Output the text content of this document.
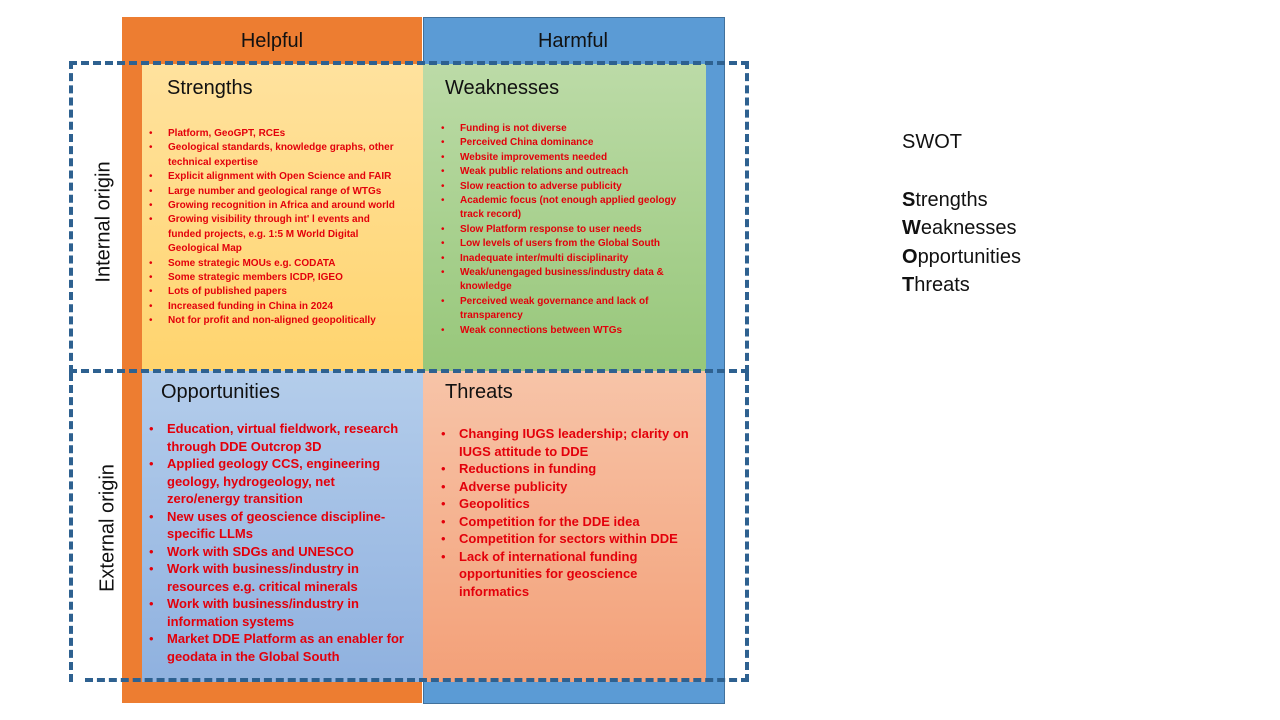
Helpful	Harmful
Strengths
• Platform, GeoGPT, RCEs
• Geological standards, knowledge graphs, other technical expertise
• Explicit alignment with Open Science and FAIR
• Large number and geological range of WTGs
• Growing recognition in Africa and around world
• Growing visibility through int' l events and funded projects, e.g. 1:5 M World Digital Geological Map
• Some strategic MOUs e.g. CODATA
• Some strategic members ICDP, IGEO
• Lots of published papers
• Increased funding in China in 2024
• Not for profit and non-aligned geopolitically
Weaknesses
• Funding is not diverse
• Perceived China dominance
• Website improvements needed
• Weak public relations and outreach
• Slow reaction to adverse publicity
• Academic focus (not enough applied geology track record)
• Slow Platform response to user needs
• Low levels of users from the Global South
• Inadequate inter/multi disciplinarity
• Weak/unengaged business/industry data & knowledge
• Perceived weak governance and lack of transparency
• Weak connections between WTGs
Opportunities
• Education, virtual fieldwork, research through DDE Outcrop 3D
• Applied geology CCS, engineering geology, hydrogeology, net zero/energy transition
• New uses of geoscience discipline-specific LLMs
• Work with SDGs and UNESCO
• Work with business/industry in resources e.g. critical minerals
• Work with business/industry in information systems
• Market DDE Platform as an enabler for geodata in the Global South
Threats
• Changing IUGS leadership; clarity on IUGS attitude to DDE
• Reductions in funding
• Adverse publicity
• Geopolitics
• Competition for the DDE idea
• Competition for sectors within DDE
• Lack of international funding opportunities for geoscience informatics
Internal origin
External origin
SWOT
Strengths
Weaknesses
Opportunities
Threats
